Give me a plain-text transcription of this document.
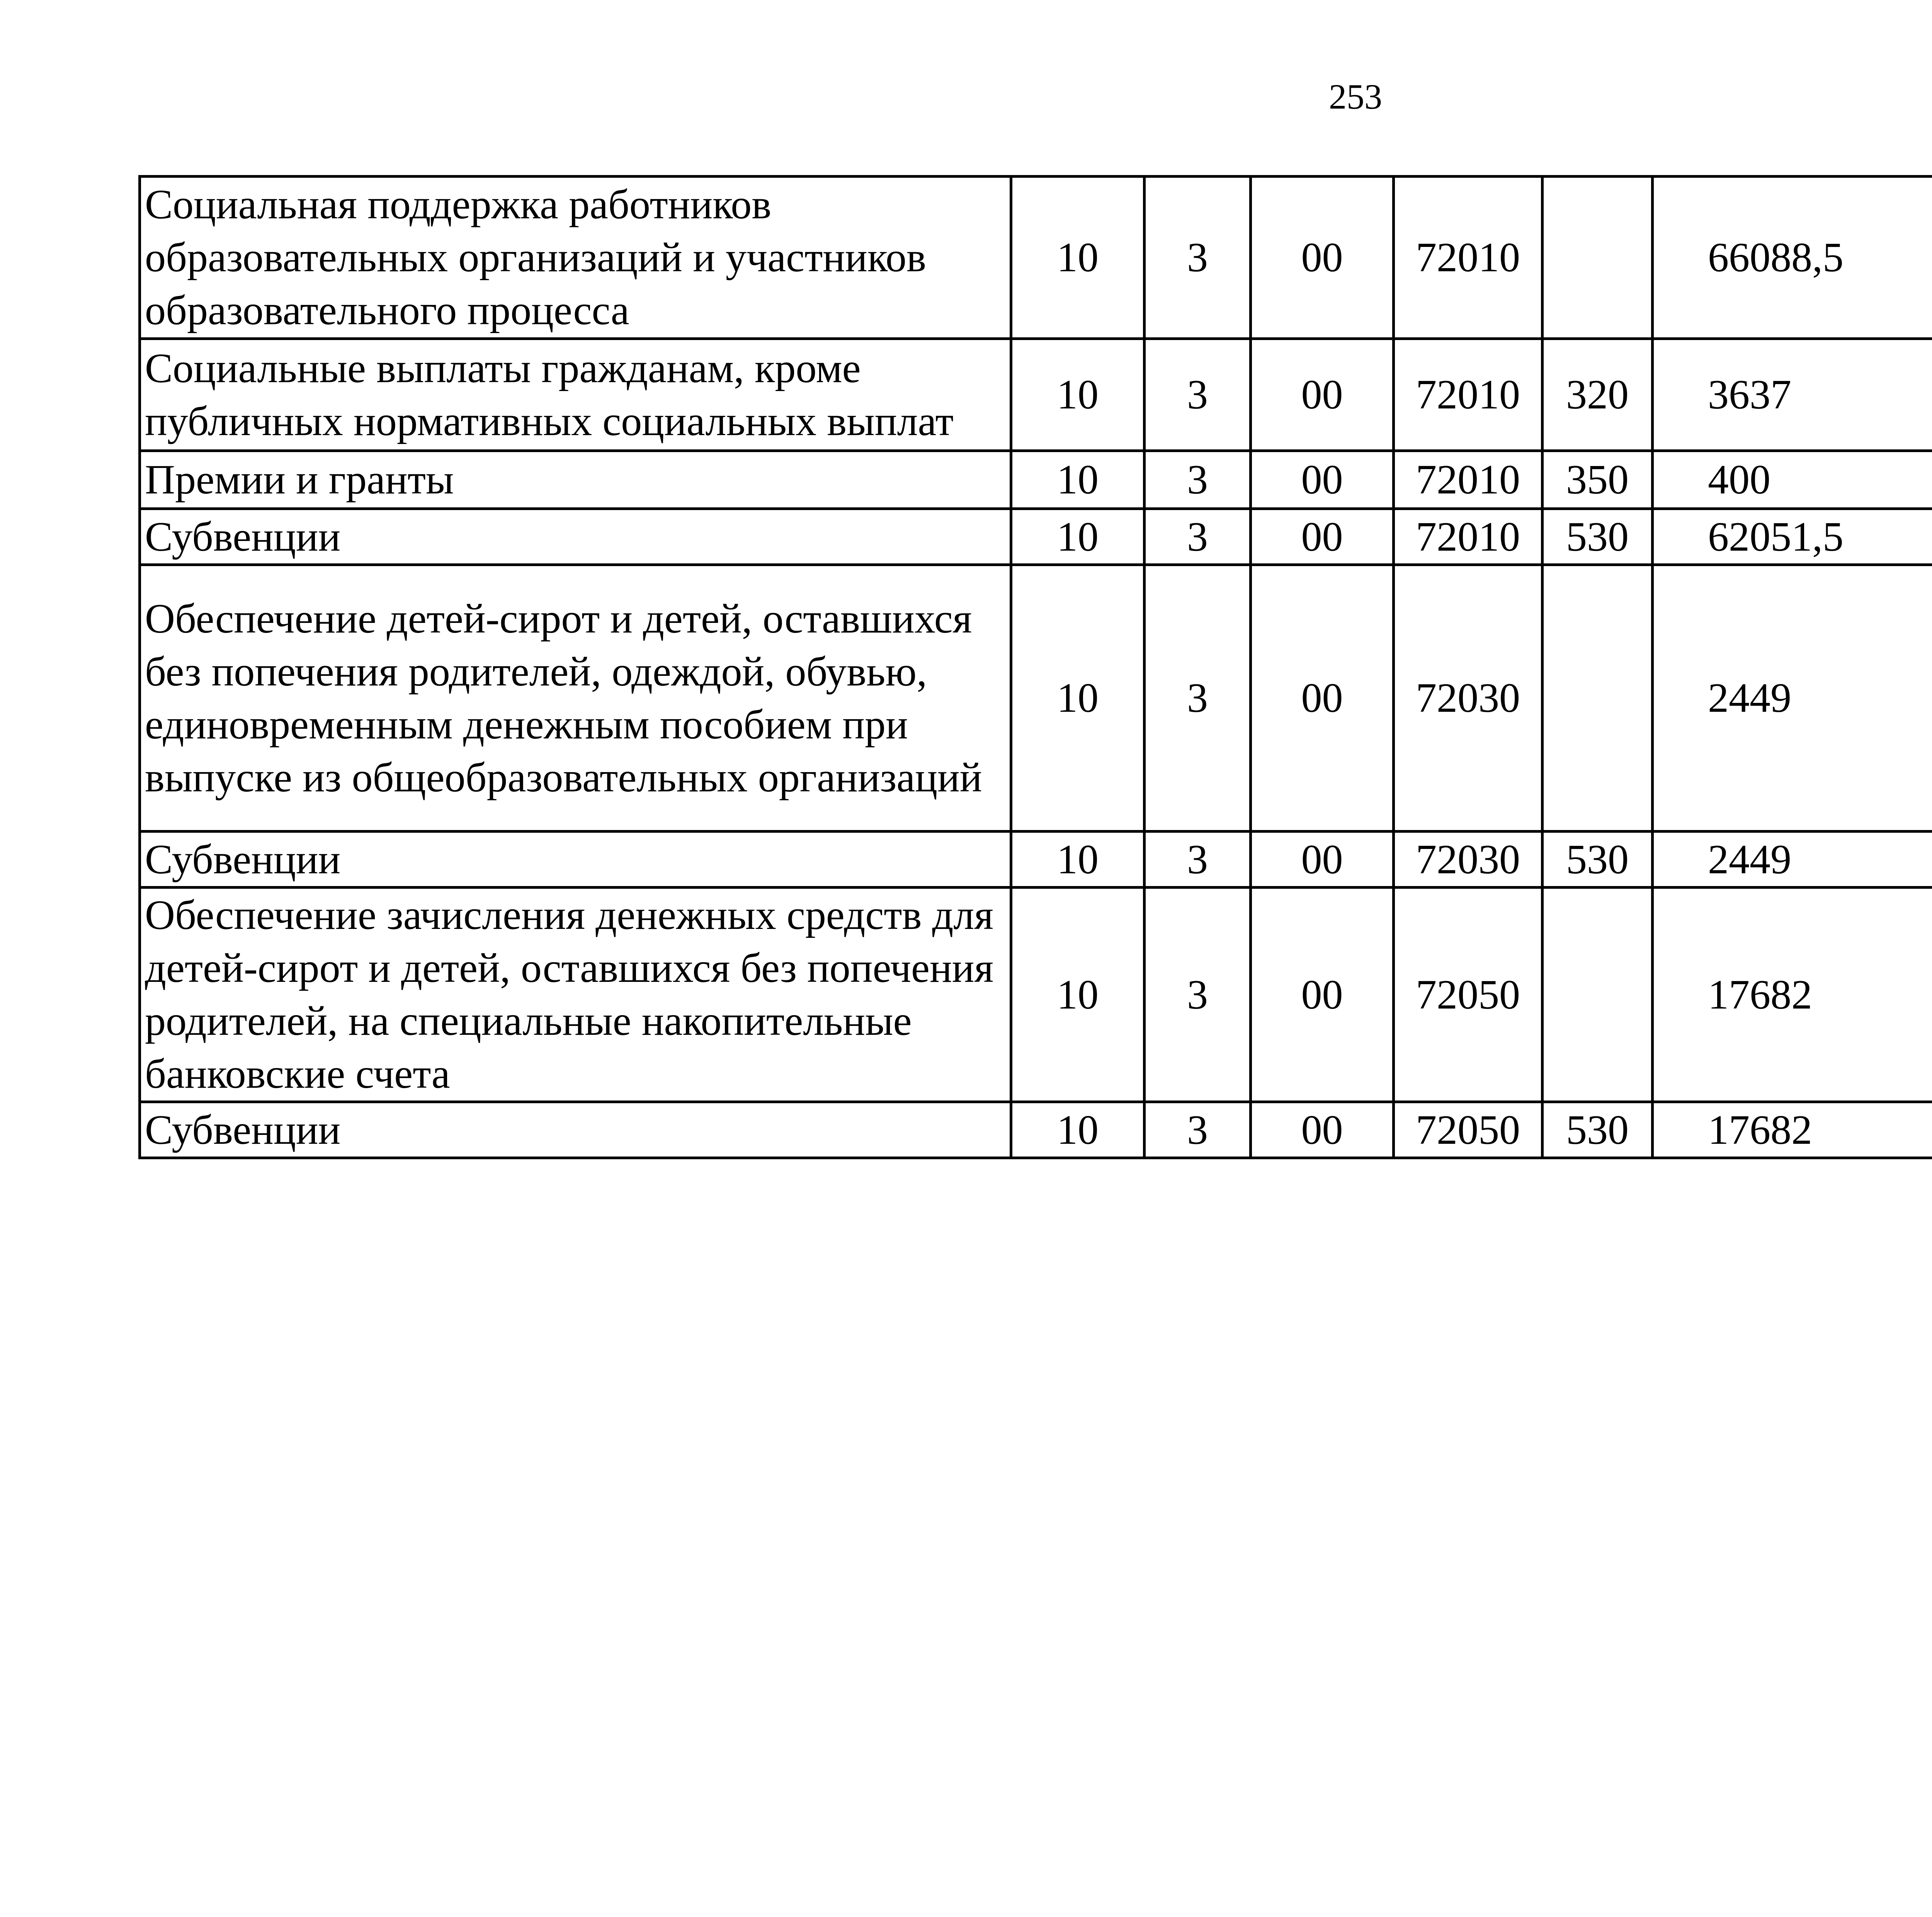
253
Социальная поддержка работников образовательных организаций и участников образовательного процесса	10	3	00	72010		66088,5		
Социальные выплаты гражданам, кроме публичных нормативных социальных выплат	10	3	00	72010	320	3637		
Премии и гранты	10	3	00	72010	350	400		
Субвенции	10	3	00	72010	530	62051,5		
Обеспечение детей-сирот и детей, оставшихся без попечения родителей, одеждой, обувью, единовременным денежным пособием при выпуске из общеобразовательных организаций	10	3	00	72030		2449		
Субвенции	10	3	00	72030	530	2449		
Обеспечение зачисления денежных средств для детей-сирот и детей, оставшихся без попечения родителей, на специальные накопительные банковские счета	10	3	00	72050		17682		
Субвенции	10	3	00	72050	530	17682		
